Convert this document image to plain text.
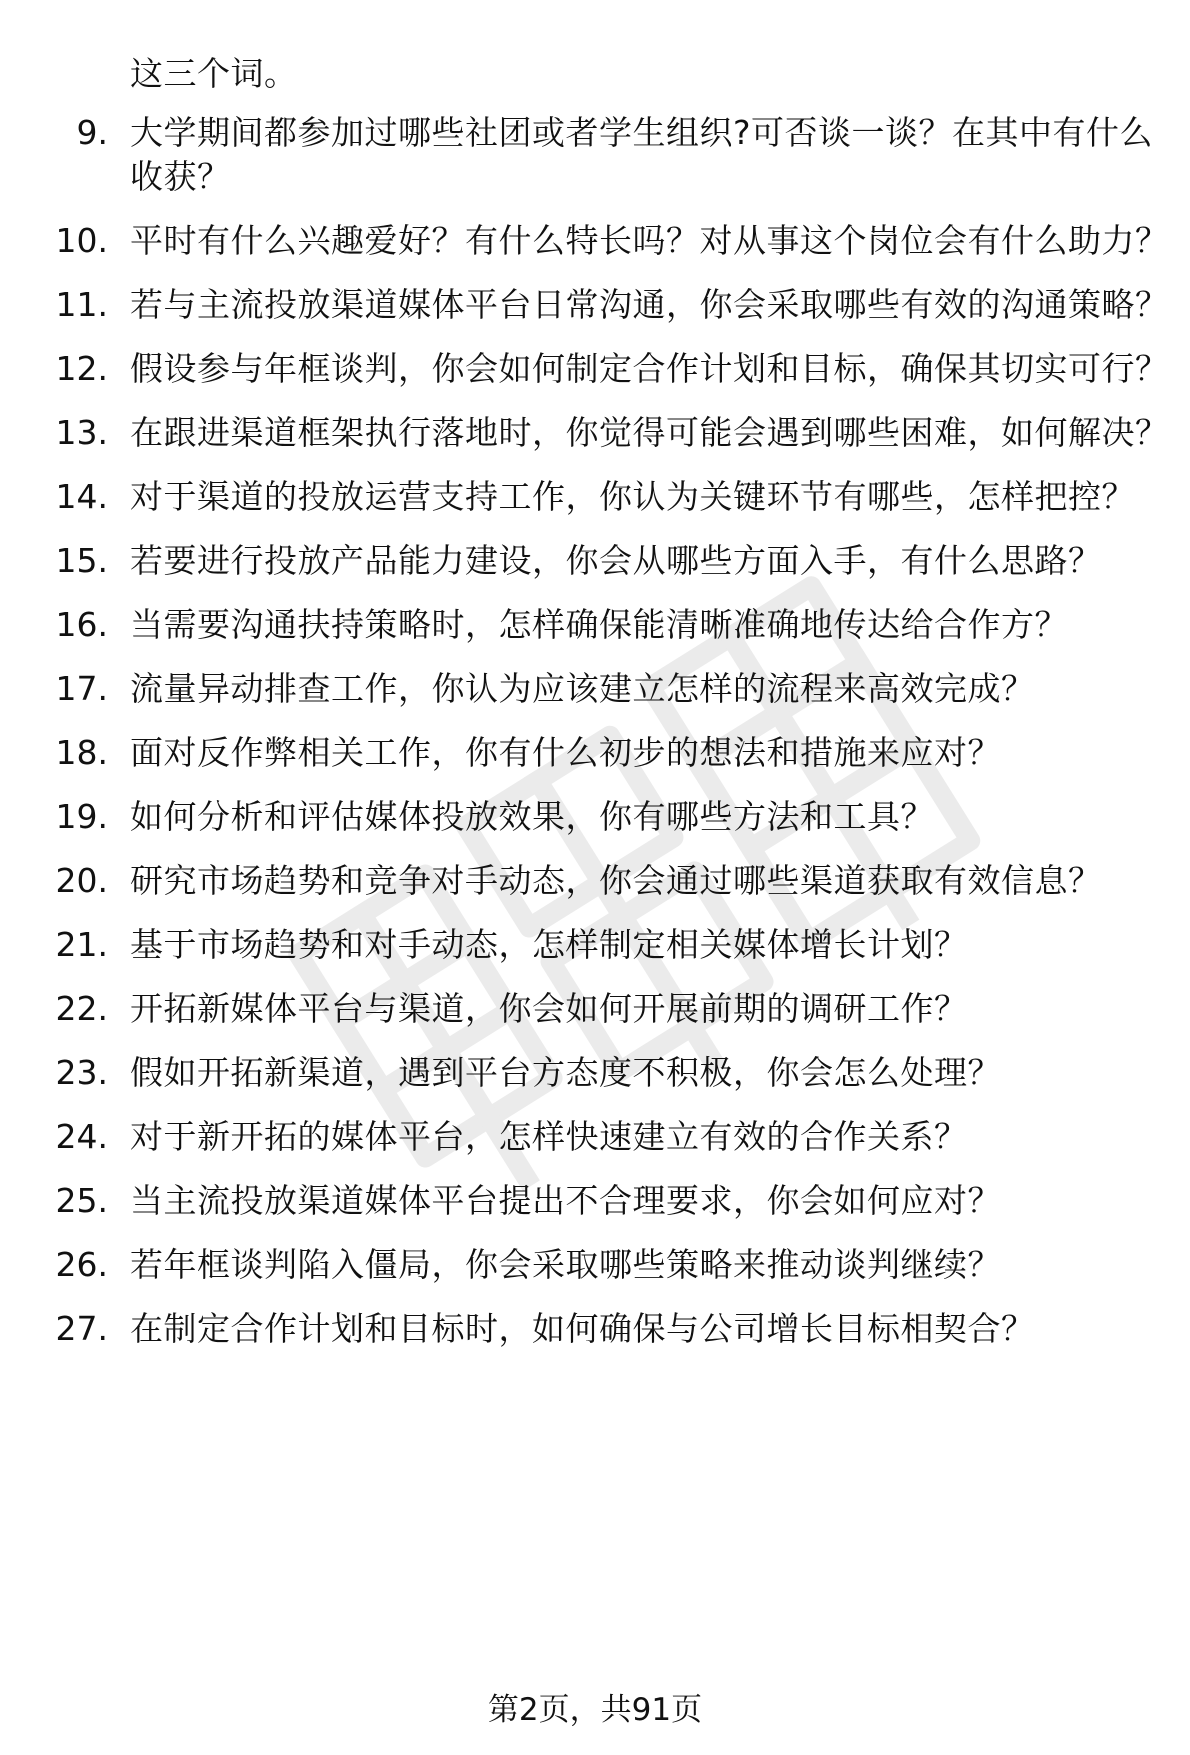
这三个词。
9. 大学期间都参加过哪些社团或者学生组织?可否谈一谈？在其中有什么收获？
10. 平时有什么兴趣爱好？有什么特长吗？对从事这个岗位会有什么助力？
11. 若与主流投放渠道媒体平台日常沟通，你会采取哪些有效的沟通策略？
12. 假设参与年框谈判，你会如何制定合作计划和目标，确保其切实可行？
13. 在跟进渠道框架执行落地时，你觉得可能会遇到哪些困难，如何解决？
14. 对于渠道的投放运营支持工作，你认为关键环节有哪些，怎样把控？
15. 若要进行投放产品能力建设，你会从哪些方面入手，有什么思路？
16. 当需要沟通扶持策略时，怎样确保能清晰准确地传达给合作方？
17. 流量异动排查工作，你认为应该建立怎样的流程来高效完成？
18. 面对反作弊相关工作，你有什么初步的想法和措施来应对？
19. 如何分析和评估媒体投放效果，你有哪些方法和工具？
20. 研究市场趋势和竞争对手动态，你会通过哪些渠道获取有效信息？
21. 基于市场趋势和对手动态，怎样制定相关媒体增长计划？
22. 开拓新媒体平台与渠道，你会如何开展前期的调研工作？
23. 假如开拓新渠道，遇到平台方态度不积极，你会怎么处理？
24. 对于新开拓的媒体平台，怎样快速建立有效的合作关系？
25. 当主流投放渠道媒体平台提出不合理要求，你会如何应对？
26. 若年框谈判陷入僵局，你会采取哪些策略来推动谈判继续？
27. 在制定合作计划和目标时，如何确保与公司增长目标相契合？
第2页，共91页
